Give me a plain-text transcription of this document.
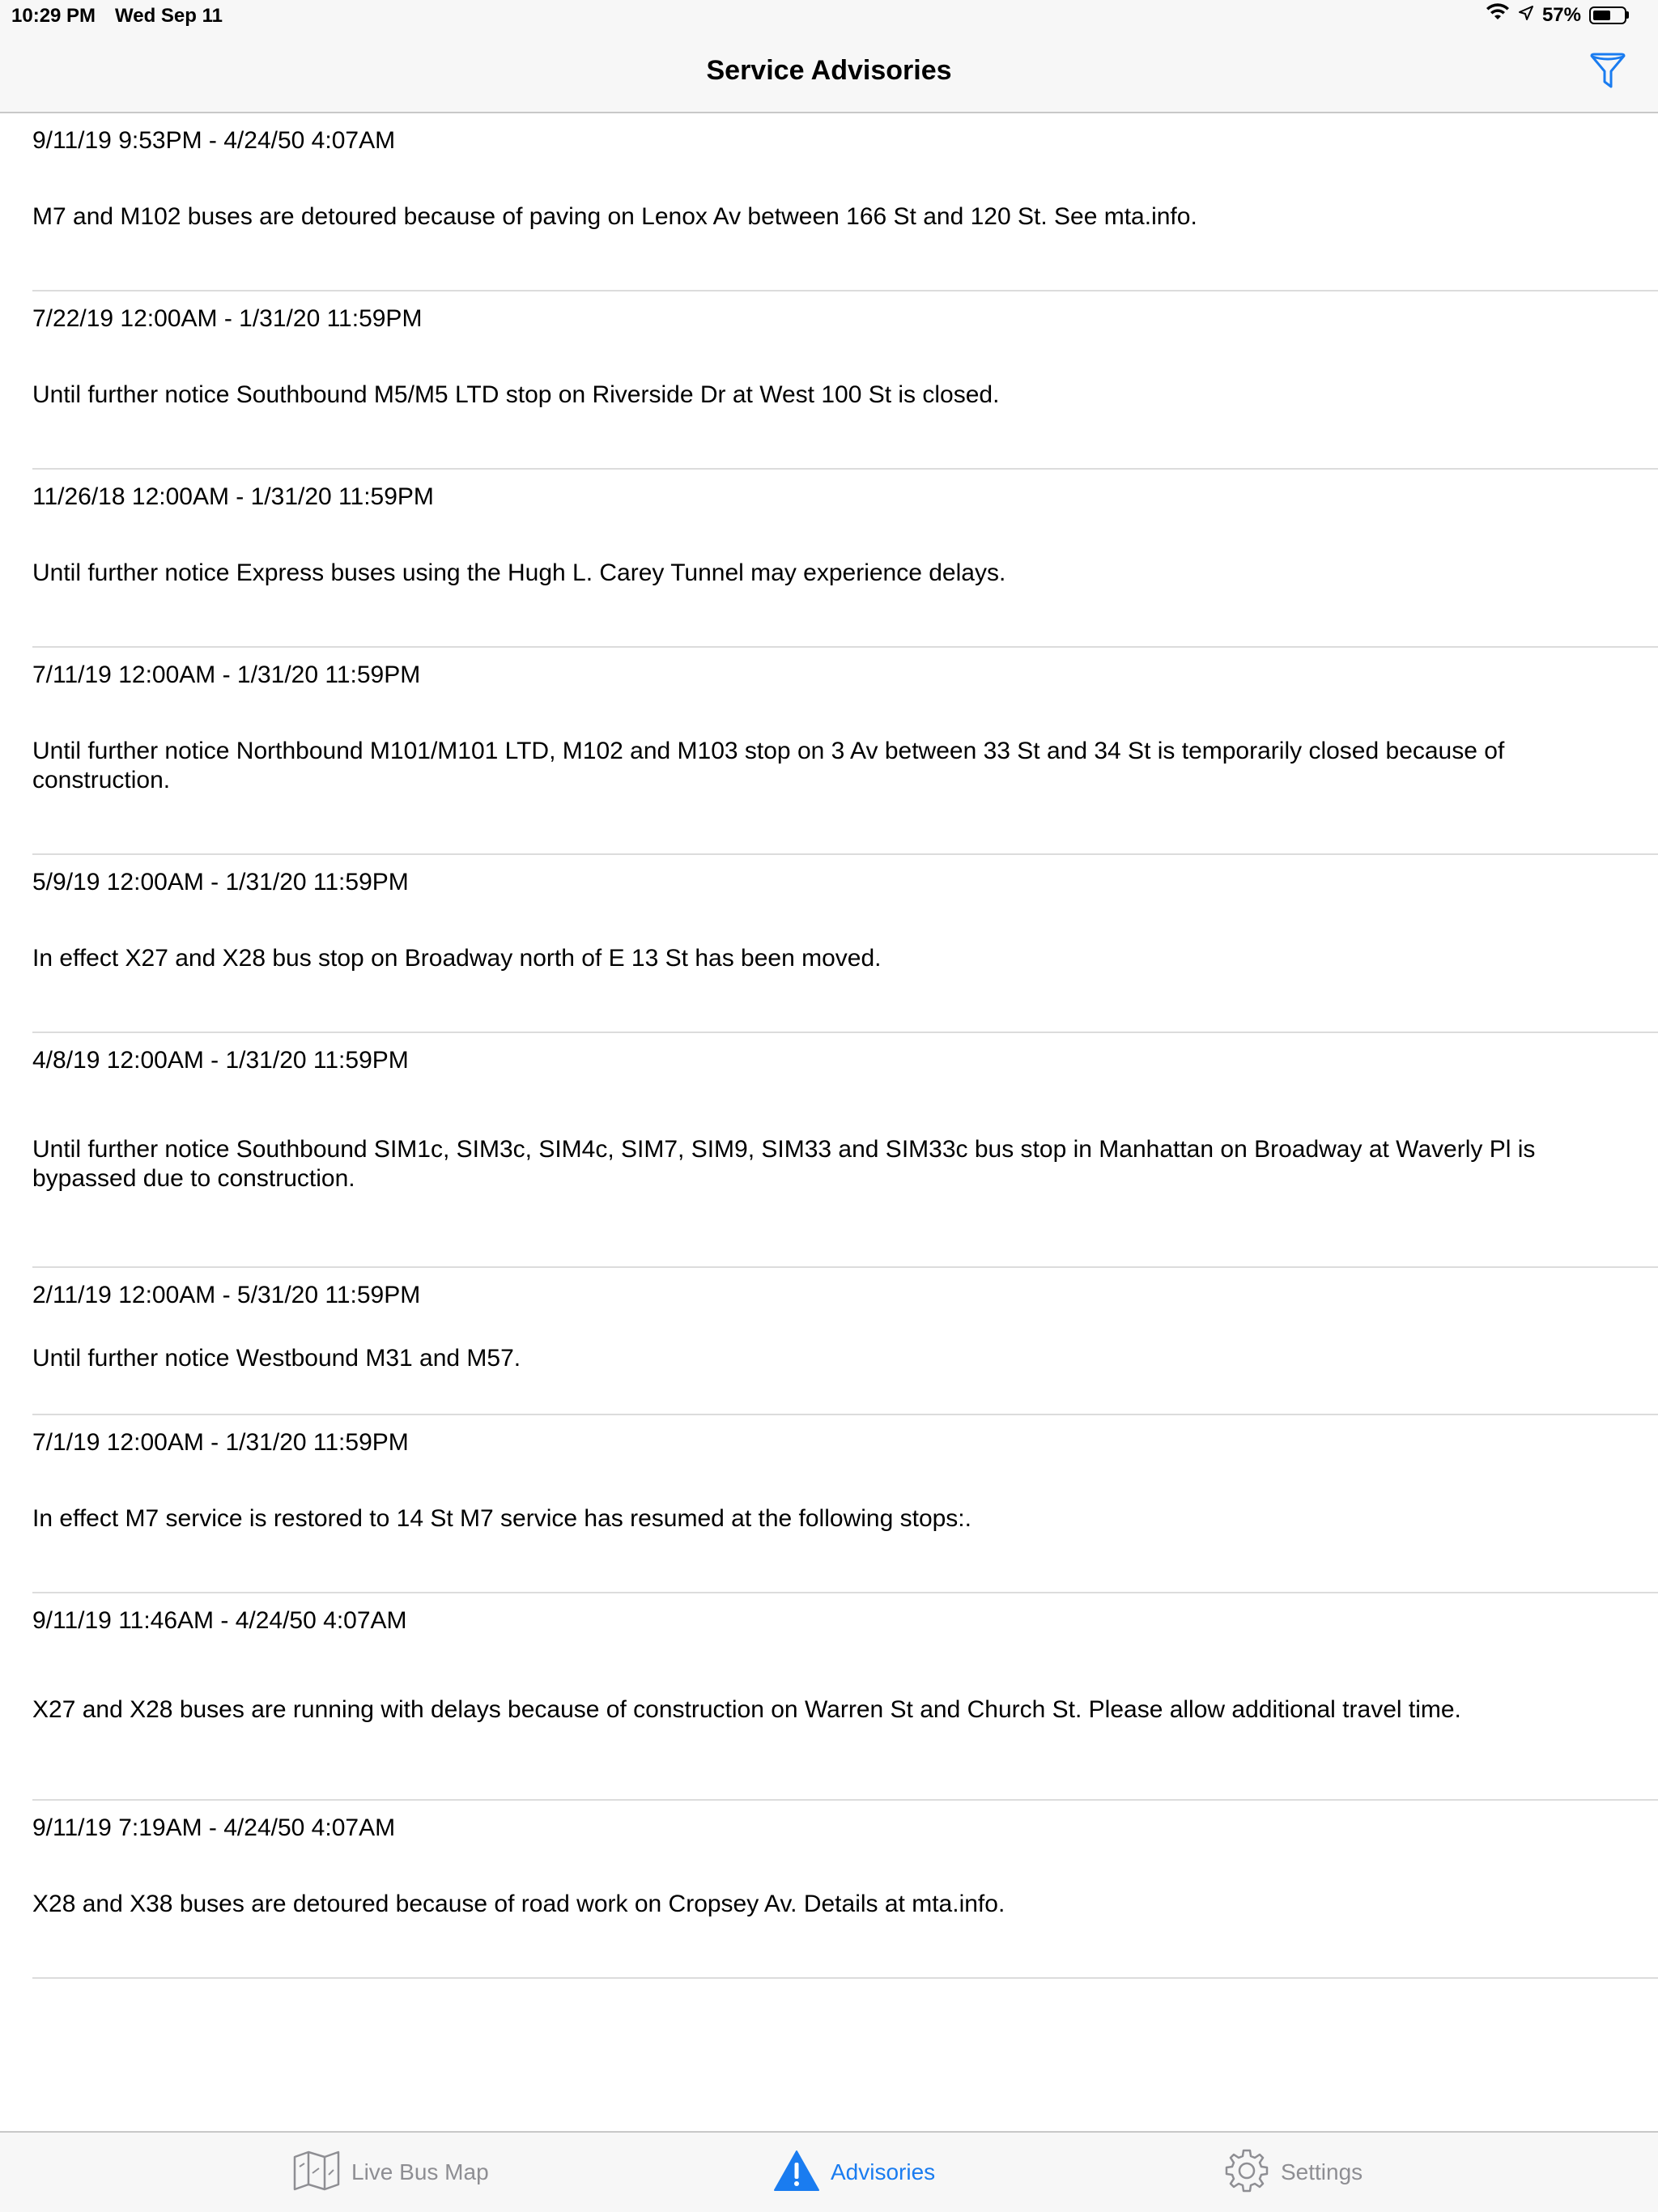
10:29 PM Wed Sep 11	57%
Service Advisories
9/11/19 9:53PM - 4/24/50 4:07AM
M7 and M102 buses are detoured because of paving on Lenox Av between 166 St and 120 St. See mta.info.
7/22/19 12:00AM - 1/31/20 11:59PM
Until further notice Southbound M5/M5 LTD stop on Riverside Dr at West 100 St is closed.
11/26/18 12:00AM - 1/31/20 11:59PM
Until further notice Express buses using the Hugh L. Carey Tunnel may experience delays.
7/11/19 12:00AM - 1/31/20 11:59PM
Until further notice Northbound M101/M101 LTD, M102 and M103 stop on 3 Av between 33 St and 34 St is temporarily closed because of construction.
5/9/19 12:00AM - 1/31/20 11:59PM
In effect X27 and X28 bus stop on Broadway north of E 13 St has been moved.
4/8/19 12:00AM - 1/31/20 11:59PM
Until further notice Southbound SIM1c, SIM3c, SIM4c, SIM7, SIM9, SIM33 and SIM33c bus stop in Manhattan on Broadway at Waverly Pl is bypassed due to construction.
2/11/19 12:00AM - 5/31/20 11:59PM
Until further notice Westbound M31 and M57.
7/1/19 12:00AM - 1/31/20 11:59PM
In effect M7 service is restored to 14 St M7 service has resumed at the following stops:.
9/11/19 11:46AM - 4/24/50 4:07AM
X27 and X28 buses are running with delays because of construction on Warren St and Church St. Please allow additional travel time.
9/11/19 7:19AM - 4/24/50 4:07AM
X28 and X38 buses are detoured because of road work on Cropsey Av. Details at mta.info.
Live Bus Map	Advisories	Settings
